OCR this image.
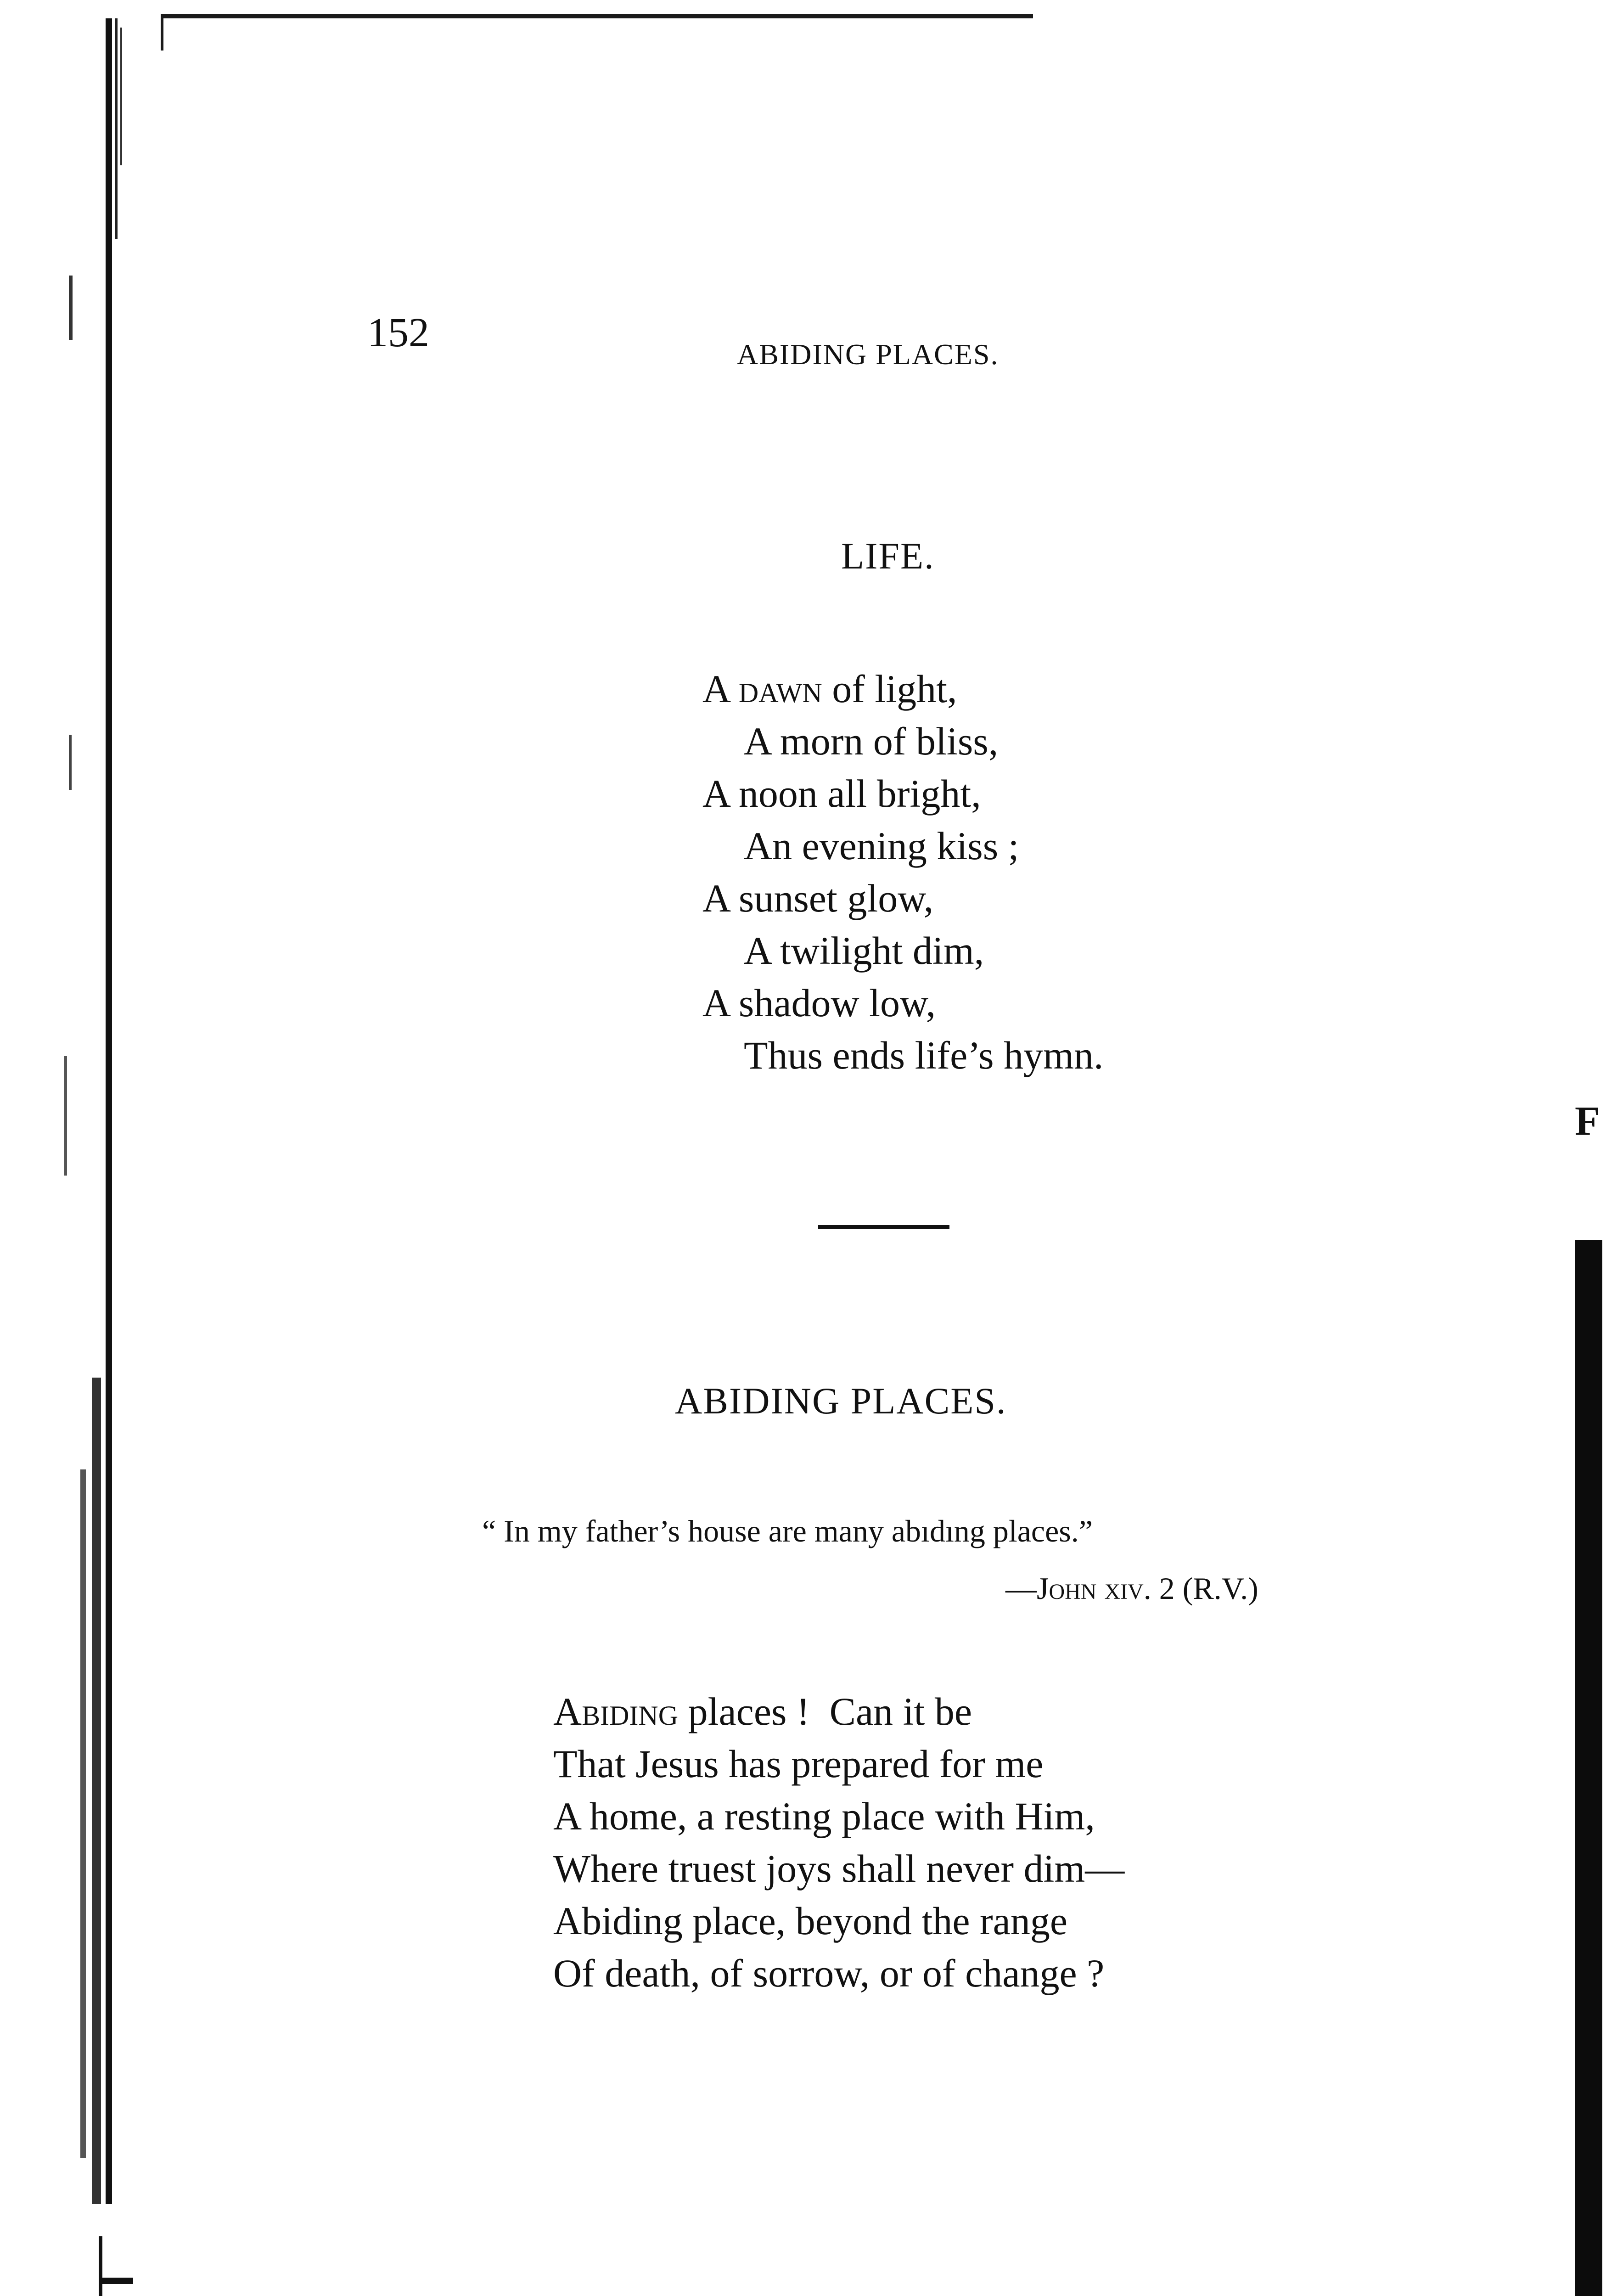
F
152	ABIDING PLACES.
LIFE.
A dawn of light,
A morn of bliss,
A noon all bright,
An evening kiss ;
A sunset glow,
A twilight dim,
A shadow low,
Thus ends life’s hymn.
ABIDING PLACES.
“ In my father’s house are many abıdıng places.”
—John xiv. 2 (R.V.)
Abiding places !  Can it be
That Jesus has prepared for me
A home, a resting place with Him,
Where truest joys shall never dim—
Abiding place, beyond the range
Of death, of sorrow, or of change ?
